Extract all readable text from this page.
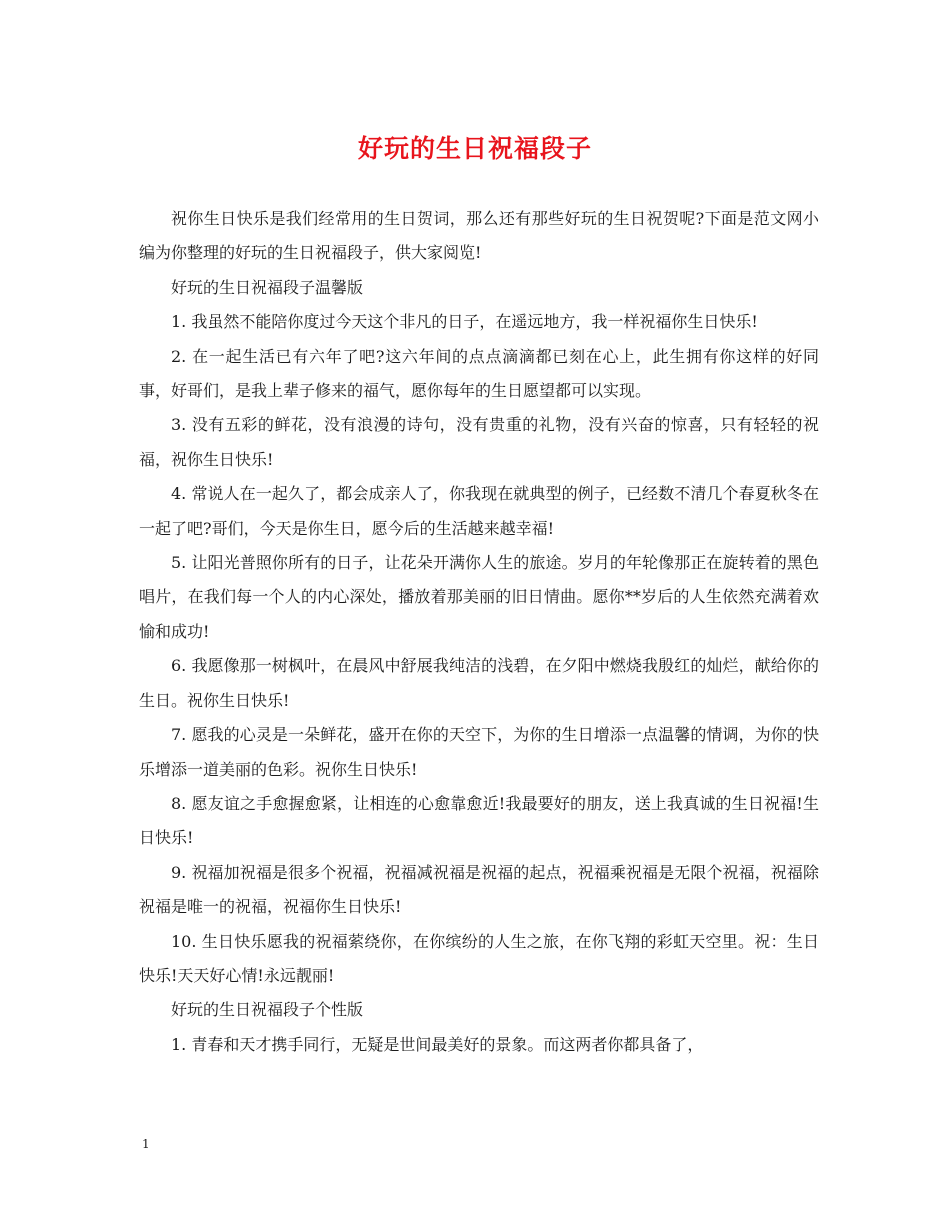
好玩的生日祝福段子

祝你生日快乐是我们经常用的生日贺词，那么还有那些好玩的生日祝贺呢?下面是范文网小编为你整理的好玩的生日祝福段子，供大家阅览!

好玩的生日祝福段子温馨版

1. 我虽然不能陪你度过今天这个非凡的日子，在遥远地方，我一样祝福你生日快乐!

2. 在一起生活已有六年了吧?这六年间的点点滴滴都已刻在心上，此生拥有你这样的好同事，好哥们，是我上辈子修来的福气，愿你每年的生日愿望都可以实现。

3. 没有五彩的鲜花，没有浪漫的诗句，没有贵重的礼物，没有兴奋的惊喜，只有轻轻的祝福，祝你生日快乐!

4. 常说人在一起久了，都会成亲人了，你我现在就典型的例子，已经数不清几个春夏秋冬在一起了吧?哥们，今天是你生日，愿今后的生活越来越幸福!

5. 让阳光普照你所有的日子，让花朵开满你人生的旅途。岁月的年轮像那正在旋转着的黑色唱片，在我们每一个人的内心深处，播放着那美丽的旧日情曲。愿你**岁后的人生依然充满着欢愉和成功!

6. 我愿像那一树枫叶，在晨风中舒展我纯洁的浅碧，在夕阳中燃烧我殷红的灿烂，献给你的生日。祝你生日快乐!

7. 愿我的心灵是一朵鲜花，盛开在你的天空下，为你的生日增添一点温馨的情调，为你的快乐增添一道美丽的色彩。祝你生日快乐!

8. 愿友谊之手愈握愈紧，让相连的心愈靠愈近!我最要好的朋友，送上我真诚的生日祝福!生日快乐!

9. 祝福加祝福是很多个祝福，祝福减祝福是祝福的起点，祝福乘祝福是无限个祝福，祝福除祝福是唯一的祝福，祝福你生日快乐!

10. 生日快乐愿我的祝福萦绕你，在你缤纷的人生之旅，在你飞翔的彩虹天空里。祝：生日快乐!天天好心情!永远靓丽!

好玩的生日祝福段子个性版

1. 青春和天才携手同行，无疑是世间最美好的景象。而这两者你都具备了，

1
